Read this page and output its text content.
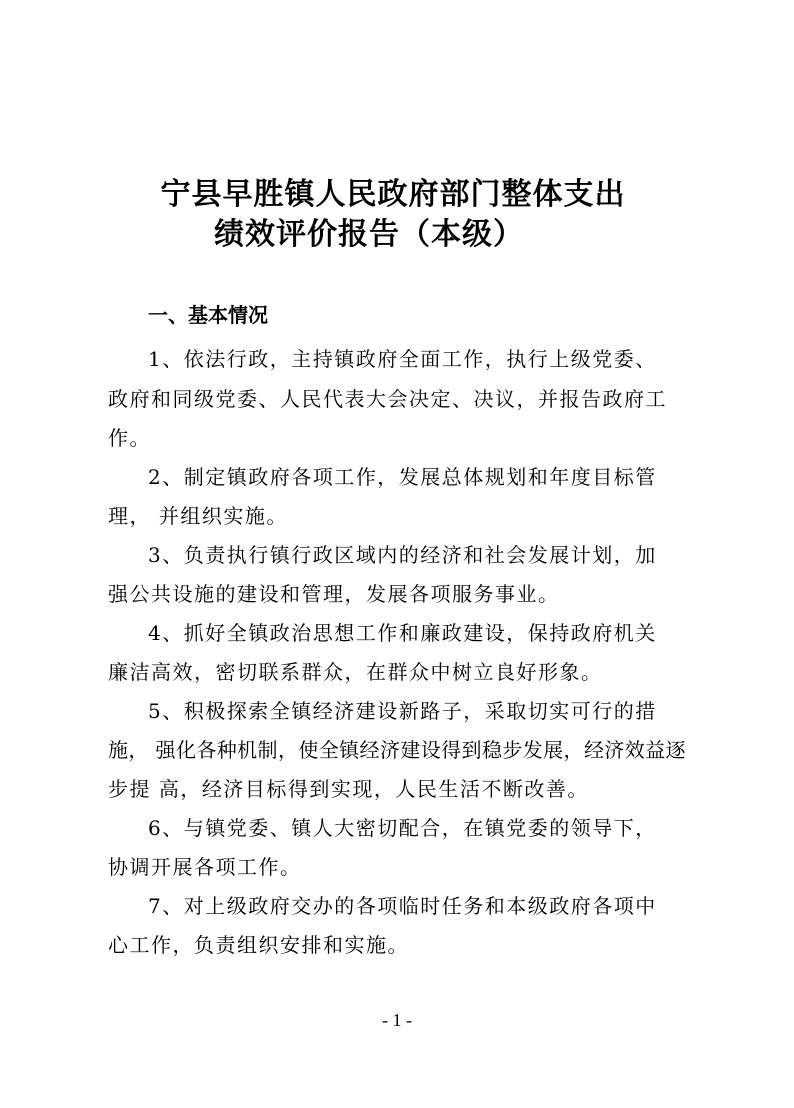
宁县早胜镇人民政府部门整体支出
绩效评价报告（本级）
一、基本情况
1、依法行政，主持镇政府全面工作，执行上级党委、
政府和同级党委、人民代表大会决定、决议，并报告政府工
作。
2、制定镇政府各项工作，发展总体规划和年度目标管
理， 并组织实施。
3、负责执行镇行政区域内的经济和社会发展计划，加
强公共设施的建设和管理，发展各项服务事业。
4、抓好全镇政治思想工作和廉政建设，保持政府机关
廉洁高效，密切联系群众，在群众中树立良好形象。
5、积极探索全镇经济建设新路子，采取切实可行的措
施， 强化各种机制，使全镇经济建设得到稳步发展，经济效益逐
步提 高，经济目标得到实现，人民生活不断改善。
6、与镇党委、镇人大密切配合，在镇党委的领导下，
协调开展各项工作。
7、对上级政府交办的各项临时任务和本级政府各项中
心工作，负责组织安排和实施。
- 1 -
